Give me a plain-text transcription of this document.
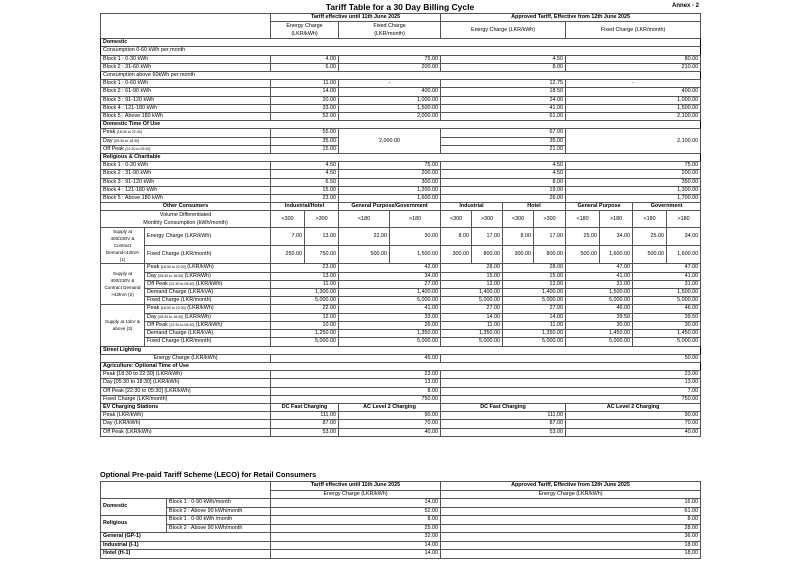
Tariff Table for a 30 Day Billing Cycle	Annex - 2
		Tariff effective until 11th June 2025				Approved Tariff, Effective from 12th June 2025							
		Energy Charge
(LKR/kWh)		Fixed Charge
(LKR/month)		Energy Charge (LKR/kWh)				Fixed Charge (LKR/month)			
Domestic													
Consumption 0-60 kWh per month													
Block 1 : 0-30 kWh		4.00		75.00		4.50				80.00			
Block 2 : 31-60 kWh		6.00		200.00		8.00				210.00			
Consumption above 60kWh per month													
Block 1 : 0-60 kWh		11.00		-		12.75				-			
Block 2 : 61-90 kWh		14.00		400.00		18.50				400.00			
Block 3 : 91-120 kWh		20.00		1,000.00		24.00				1,000.00			
Block 4 : 121-180 kWh		33.00		1,500.00		41.00				1,500.00			
Block 5 : Above 180 kWh		52.00		2,000.00		61.00				2,100.00			
Domestic Time Of Use													
Peak [18:30 to 22:30]		55.00		2,000.00		67.00				2,100.00			
Day [05:30 to 18:30]		35.00				35.00							
Off Peak [22:30 to 05:30]		15.00				21.00							
Religious & Charitable													
Block 1 : 0-30 kWh		4.50		75.00		4.50				75.00			
Block 2 : 31-90 kWh		4.50		200.00		4.50				200.00			
Block 3 : 91-120 kWh		6.50		300.00		8.00				350.00			
Block 4 : 121-180 kWh		15.00		1,200.00		19.00				1,300.00			
Block 5 : Above 180 kWh		23.00		1,600.00		26.00				1,700.00			
Other Consumers		Industrial/Hotel		General Purpose/Government		Industrial		Hotel		General Purpose		Government	
Volume Differentiated
Monthly Consumption (kWh/month)		<300	>300	<180	>180	<300	>300	<300	>300	<180	>180	<180	>180
Supply at 400/230V & Contract Demand<42kVA (1)	Energy Charge (LKR/kWh)	7.00	13.00	22.00	30.00	8.00	17.00	8.00	17.00	25.00	34.00	25.00	34.00
	Fixed Charge (LKR/month)	250.00	750.00	500.00	1,500.00	300.00	800.00	300.00	800.00	500.00	1,600.00	500.00	1,600.00
Supply at 400/230V & Contract Demand >42kVA (2)	Peak [18:30 to 22:30] (LKR/kWh)	23.00		42.00		28.00		28.00		47.00		47.00	
	Day [05:30 to 18:30] (LKR/kWh)	13.00		34.00		15.00		15.00		41.00		41.00	
	Off Peak [22:30 to 05:30] (LKR/kWh)	11.00		27.00		12.00		12.00		31.00		31.00	
	Demand Charge (LKR/kVA)	1,300.00		1,400.00		1,400.00		1,400.00		1,500.00		1,500.00	
	Fixed Charge (LKR/month)	5,000.00		5,000.00		5,000.00		5,000.00		5,000.00		5,000.00	
Supply at 11kV & above (3)	Peak [18:30 to 22:30] (LKR/kWh)	22.00		41.00		27.00		27.00		46.00		46.00	
	Day [05:30 to 18:30] (LKR/kWh)	12.00		33.00		14.00		14.00		39.50		39.50	
	Off Peak [22:30 to 05:30] (LKR/kWh)	10.00		26.00		11.00		11.00		30.00		30.00	
	Demand Charge (LKR/kVA)	1,250.00		1,350.00		1,350.00		1,350.00		1,450.00		1,450.00	
	Fixed Charge (LKR/month)	5,000.00		5,000.00		5,000.00		5,000.00		5,000.00		5,000.00	
Street Lighting													
Energy Charge (LKR/kWh)		45.00				50.00							
Agriculture: Optional Time of Use													
Peak [18:30 to 22:30] (LKR/kWh)		23.00				23.00							
Day [05:30 to 18:30] (LKR/kWh)		13.00				13.00							
Off Peak [22:30 to 05:30] (LKR/kWh)		8.00				7.00							
Fixed Charge (LKR/month)		750.00				750.00							
EV Charging Stations		DC Fast Charging		AC Level 2 Charging		DC Fast Charging				AC Level 2 Charging			
Peak (LKR/kWh)		111.00		90.00		111.00				90.00			
Day (LKR/kWh)		87.00		70.00		87.00				70.00			
Off Peak (LKR/kWh)		53.00		40.00		53.00				40.00			
Optional Pre-paid Tariff Scheme (LECO) for Retail Consumers
		Tariff effective until 11th June 2025	Approved Tariff, Effective from 12th June 2025
		Energy Charge (LKR/kWh)	Energy Charge (LKR/kWh)
Domestic	Block 1 : 0-90 kWh/month	14.00	16.00
	Block 2 : Above 90 kWh/month	52.00	61.00
Religious	Block 1 : 0-90 kWh /month	8.00	8.00
	Block 2 : Above 90 kWh/month	25.00	28.00
General (GP-1)		32.00	36.00
Industrial (I-1)		14.00	18.00
Hotel (H-1)		14.00	18.00
